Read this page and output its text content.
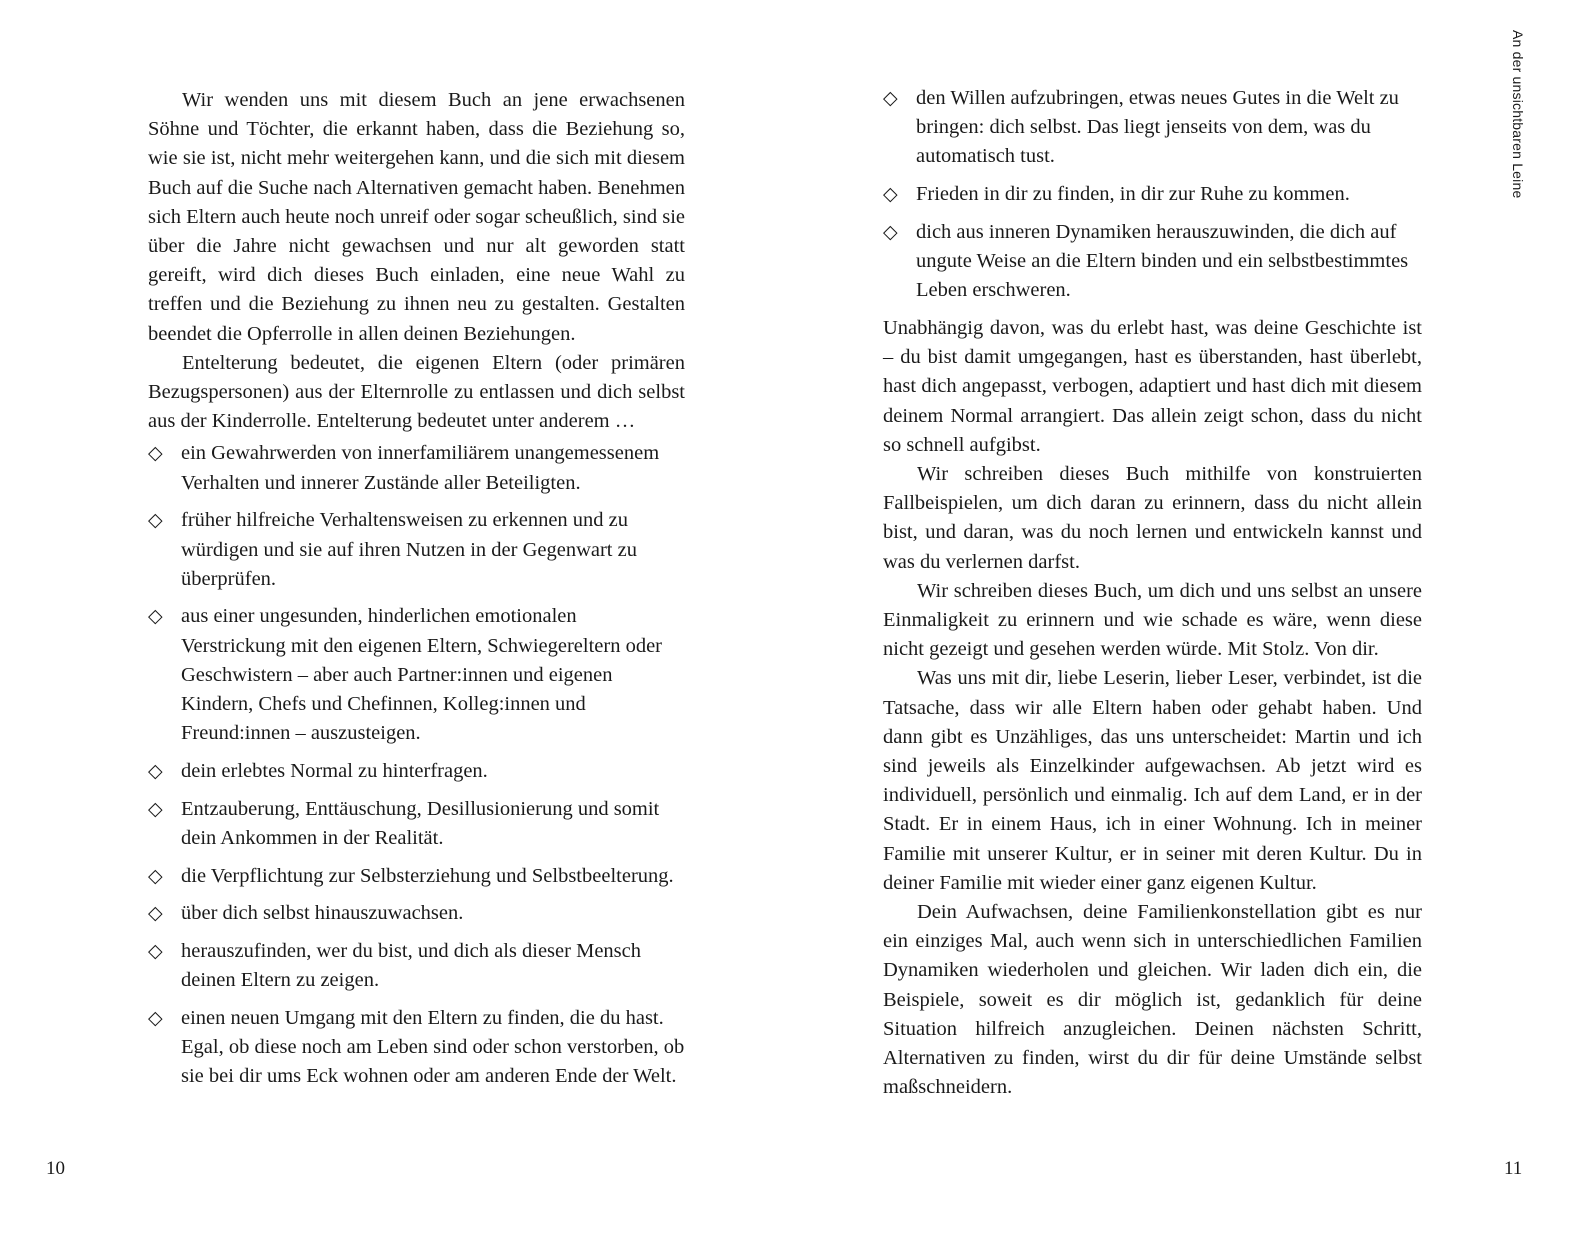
Wir wenden uns mit diesem Buch an jene erwachsenen Söhne und Töchter, die erkannt haben, dass die Beziehung so, wie sie ist, nicht mehr weitergehen kann, und die sich mit diesem Buch auf die Suche nach Alternativen gemacht haben. Benehmen sich Eltern auch heute noch unreif oder sogar scheußlich, sind sie über die Jahre nicht gewachsen und nur alt geworden statt gereift, wird dich dieses Buch einladen, eine neue Wahl zu treffen und die Beziehung zu ihnen neu zu gestalten. Gestalten beendet die Opferrolle in allen deinen Beziehungen.

Entelterung bedeutet, die eigenen Eltern (oder primären Bezugspersonen) aus der Elternrolle zu entlassen und dich selbst aus der Kinderrolle. Entelterung bedeutet unter anderem …

◇ ein Gewahrwerden von innerfamiliärem unangemessenem Verhalten und innerer Zustände aller Beteiligten.
◇ früher hilfreiche Verhaltensweisen zu erkennen und zu würdigen und sie auf ihren Nutzen in der Gegenwart zu überprüfen.
◇ aus einer ungesunden, hinderlichen emotionalen Verstrickung mit den eigenen Eltern, Schwiegereltern oder Geschwistern – aber auch Partner:innen und eigenen Kindern, Chefs und Chefinnen, Kolleg:innen und Freund:innen – auszusteigen.
◇ dein erlebtes Normal zu hinterfragen.
◇ Entzauberung, Enttäuschung, Desillusionierung und somit dein Ankommen in der Realität.
◇ die Verpflichtung zur Selbsterziehung und Selbstbeelterung.
◇ über dich selbst hinauszuwachsen.
◇ herauszufinden, wer du bist, und dich als dieser Mensch deinen Eltern zu zeigen.
◇ einen neuen Umgang mit den Eltern zu finden, die du hast. Egal, ob diese noch am Leben sind oder schon verstorben, ob sie bei dir ums Eck wohnen oder am anderen Ende der Welt.
10
◇ den Willen aufzubringen, etwas neues Gutes in die Welt zu bringen: dich selbst. Das liegt jenseits von dem, was du automatisch tust.
◇ Frieden in dir zu finden, in dir zur Ruhe zu kommen.
◇ dich aus inneren Dynamiken herauszuwinden, die dich auf ungute Weise an die Eltern binden und ein selbstbestimmtes Leben erschweren.

Unabhängig davon, was du erlebt hast, was deine Geschichte ist – du bist damit umgegangen, hast es überstanden, hast überlebt, hast dich angepasst, verbogen, adaptiert und hast dich mit diesem deinem Normal arrangiert. Das allein zeigt schon, dass du nicht so schnell aufgibst.

Wir schreiben dieses Buch mithilfe von konstruierten Fallbeispielen, um dich daran zu erinnern, dass du nicht allein bist, und daran, was du noch lernen und entwickeln kannst und was du verlernen darfst.

Wir schreiben dieses Buch, um dich und uns selbst an unsere Einmaligkeit zu erinnern und wie schade es wäre, wenn diese nicht gezeigt und gesehen werden würde. Mit Stolz. Von dir.

Was uns mit dir, liebe Leserin, lieber Leser, verbindet, ist die Tatsache, dass wir alle Eltern haben oder gehabt haben. Und dann gibt es Unzähliges, das uns unterscheidet: Martin und ich sind jeweils als Einzelkinder aufgewachsen. Ab jetzt wird es individuell, persönlich und einmalig. Ich auf dem Land, er in der Stadt. Er in einem Haus, ich in einer Wohnung. Ich in meiner Familie mit unserer Kultur, er in seiner mit deren Kultur. Du in deiner Familie mit wieder einer ganz eigenen Kultur.

Dein Aufwachsen, deine Familienkonstellation gibt es nur ein einziges Mal, auch wenn sich in unterschiedlichen Familien Dynamiken wiederholen und gleichen. Wir laden dich ein, die Beispiele, soweit es dir möglich ist, gedanklich für deine Situation hilfreich anzugleichen. Deinen nächsten Schritt, Alternativen zu finden, wirst du dir für deine Umstände selbst maßschneidern.

An der unsichtbaren Leine
11
